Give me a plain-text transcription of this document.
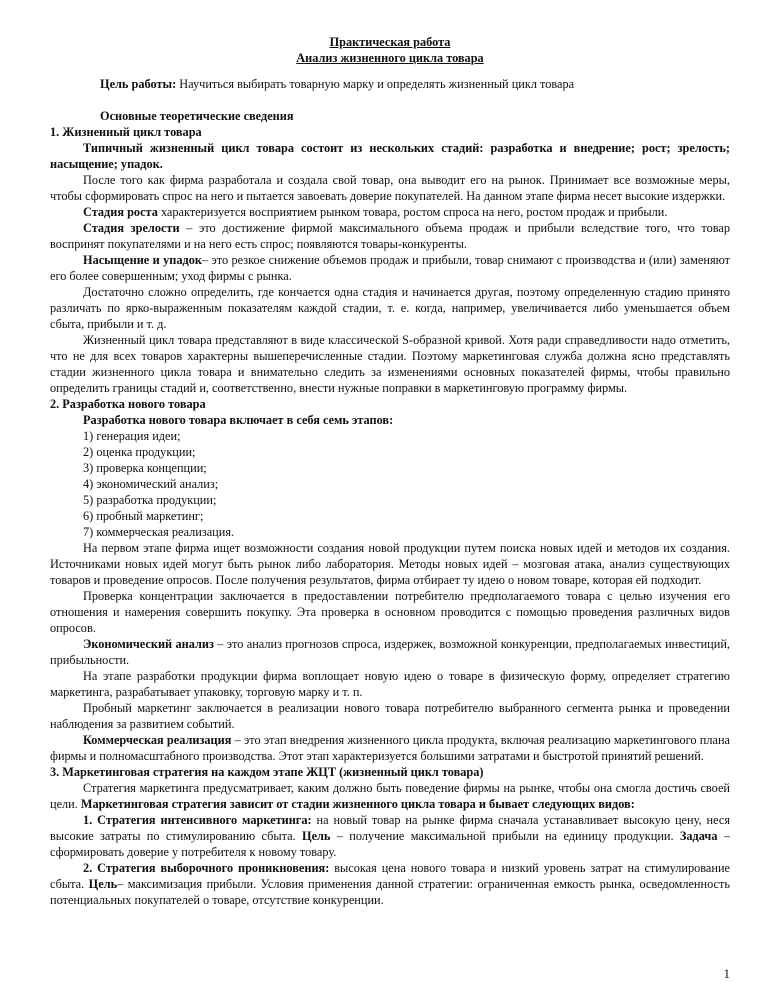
Практическая работа

Анализ жизненного цикла товара

Цель работы: Научиться выбирать товарную марку и определять жизненный цикл товара

Основные теоретические сведения

1. Жизненный цикл товара

Типичный жизненный цикл товара состоит из нескольких стадий: разработка и внедрение; рост; зрелость; насыщение; упадок.

После того как фирма разработала и создала свой товар, она выводит его на рынок. Принимает все возможные меры, чтобы сформировать спрос на него и пытается завоевать доверие покупателей. На данном этапе фирма несет высокие издержки.

Стадия роста характеризуется восприятием рынком товара, ростом спроса на него, ростом продаж и прибыли.

Стадия зрелости – это достижение фирмой максимального объема продаж и прибыли вследствие того, что товар воспринят покупателями и на него есть спрос; появляются товары-конкуренты.

Насыщение и упадок– это резкое снижение объемов продаж и прибыли, товар снимают с производства и (или) заменяют его более совершенным; уход фирмы с рынка.

Достаточно сложно определить, где кончается одна стадия и начинается другая, поэтому определенную стадию принято различать по ярко-выраженным показателям каждой стадии, т. е. когда, например, увеличивается либо уменьшается объем сбыта, прибыли и т. д.

Жизненный цикл товара представляют в виде классической S-образной кривой. Хотя ради справедливости надо отметить, что не для всех товаров характерны вышеперечисленные стадии. Поэтому маркетинговая служба должна ясно представлять стадии жизненного цикла товара и внимательно следить за изменениями основных показателей фирмы, чтобы правильно определить границы стадий и, соответственно, внести нужные поправки в маркетинговую программу фирмы.

2. Разработка нового товара

Разработка нового товара включает в себя семь этапов:

1) генерация идеи;

2) оценка продукции;

3) проверка концепции;

4) экономический анализ;

5) разработка продукции;

6) пробный маркетинг;

7) коммерческая реализация.

На первом этапе фирма ищет возможности создания новой продукции путем поиска новых идей и методов их создания. Источниками новых идей могут быть рынок либо лаборатория. Методы новых идей – мозговая атака, анализ существующих товаров и проведение опросов. После получения результатов, фирма отбирает ту идею о новом товаре, которая ей подходит.

Проверка концентрации заключается в предоставлении потребителю предполагаемого товара с целью изучения его отношения и намерения совершить покупку. Эта проверка в основном проводится с помощью проведения различных видов опросов.

Экономический анализ – это анализ прогнозов спроса, издержек, возможной конкуренции, предполагаемых инвестиций, прибыльности.

На этапе разработки продукции фирма воплощает новую идею о товаре в физическую форму, определяет стратегию маркетинга, разрабатывает упаковку, торговую марку и т. п.

Пробный маркетинг заключается в реализации нового товара потребителю выбранного сегмента рынка и проведении наблюдения за развитием событий.

Коммерческая реализация – это этап внедрения жизненного цикла продукта, включая реализацию маркетингового плана фирмы и полномасштабного производства. Этот этап характеризуется большими затратами и быстротой принятий решений.

3. Маркетинговая стратегия на каждом этапе ЖЦТ (жизненный цикл товара)

Стратегия маркетинга предусматривает, каким должно быть поведение фирмы на рынке, чтобы она смогла достичь своей цели. Маркетинговая стратегия зависит от стадии жизненного цикла товара и бывает следующих видов:

1. Стратегия интенсивного маркетинга: на новый товар на рынке фирма сначала устанавливает высокую цену, неся высокие затраты по стимулированию сбыта. Цель – получение максимальной прибыли на единицу продукции. Задача – сформировать доверие у потребителя к новому товару.

2. Стратегия выборочного проникновения: высокая цена нового товара и низкий уровень затрат на стимулирование сбыта. Цель– максимизация прибыли. Условия применения данной стратегии: ограниченная емкость рынка, осведомленность потенциальных покупателей о товаре, отсутствие конкуренции.

1
